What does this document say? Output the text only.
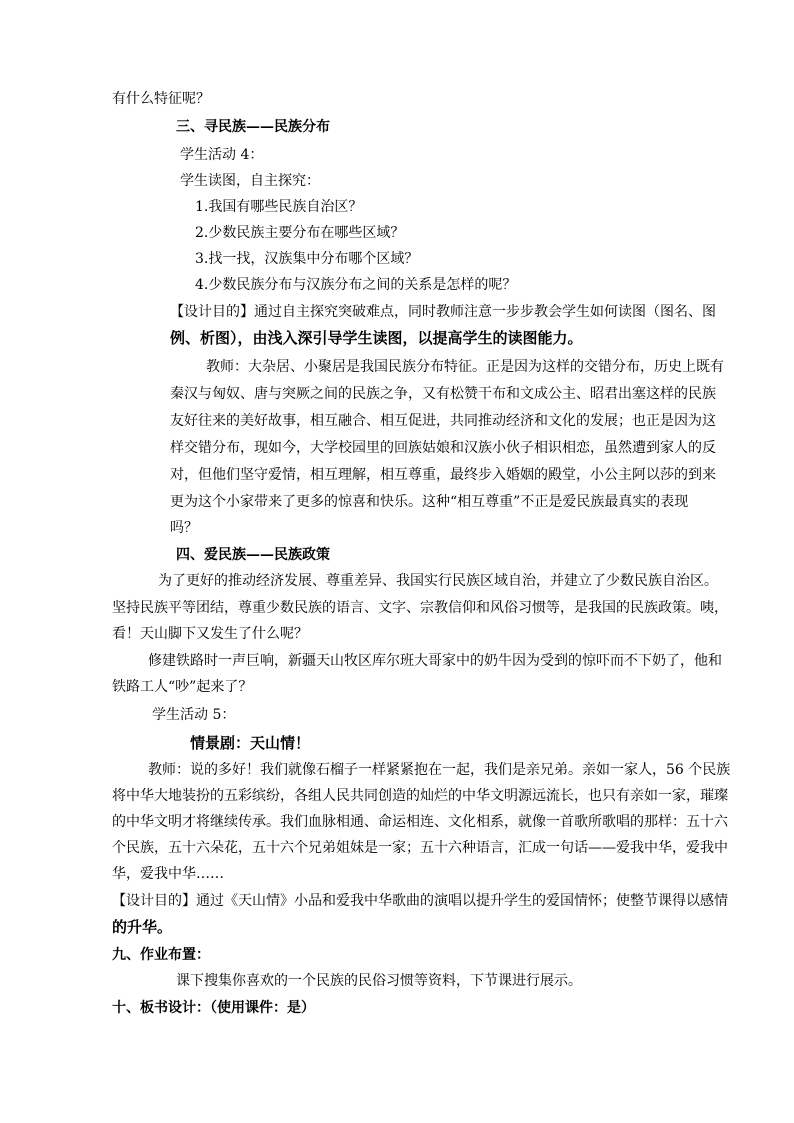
有什么特征呢？
三、寻民族——民族分布
学生活动 4：
学生读图，自主探究：
1.我国有哪些民族自治区？
2.少数民族主要分布在哪些区域？
3.找一找，汉族集中分布哪个区域？
4.少数民族分布与汉族分布之间的关系是怎样的呢？
【设计目的】通过自主探究突破难点，同时教师注意一步步教会学生如何读图（图名、图
例、析图），由浅入深引导学生读图，以提高学生的读图能力。
教师：大杂居、小聚居是我国民族分布特征。正是因为这样的交错分布，历史上既有
秦汉与匈奴、唐与突厥之间的民族之争，又有松赞干布和文成公主、昭君出塞这样的民族
友好往来的美好故事，相互融合、相互促进，共同推动经济和文化的发展；也正是因为这
样交错分布，现如今，大学校园里的回族姑娘和汉族小伙子相识相恋，虽然遭到家人的反
对，但他们坚守爱情，相互理解，相互尊重，最终步入婚姻的殿堂，小公主阿以莎的到来
更为这个小家带来了更多的惊喜和快乐。这种“相互尊重”不正是爱民族最真实的表现
吗？
四、爱民族——民族政策
为了更好的推动经济发展、尊重差异、我国实行民族区域自治，并建立了少数民族自治区。
坚持民族平等团结，尊重少数民族的语言、文字、宗教信仰和风俗习惯等，是我国的民族政策。咦，
看！天山脚下又发生了什么呢？
修建铁路时一声巨响，新疆天山牧区库尔班大哥家中的奶牛因为受到的惊吓而不下奶了，他和
铁路工人“吵”起来了？
学生活动 5：
情景剧：天山情！
教师：说的多好！我们就像石榴子一样紧紧抱在一起，我们是亲兄弟。亲如一家人，56 个民族
将中华大地装扮的五彩缤纷，各组人民共同创造的灿烂的中华文明源远流长，也只有亲如一家，璀璨
的中华文明才将继续传承。我们血脉相通、命运相连、文化相系，就像一首歌所歌唱的那样：五十六
个民族，五十六朵花，五十六个兄弟姐妹是一家；五十六种语言，汇成一句话——爱我中华，爱我中
华，爱我中华……
【设计目的】通过《天山情》小品和爱我中华歌曲的演唱以提升学生的爱国情怀；使整节课得以感情
的升华。
九、作业布置：
课下搜集你喜欢的一个民族的民俗习惯等资料，下节课进行展示。
十、板书设计：（使用课件：是）
